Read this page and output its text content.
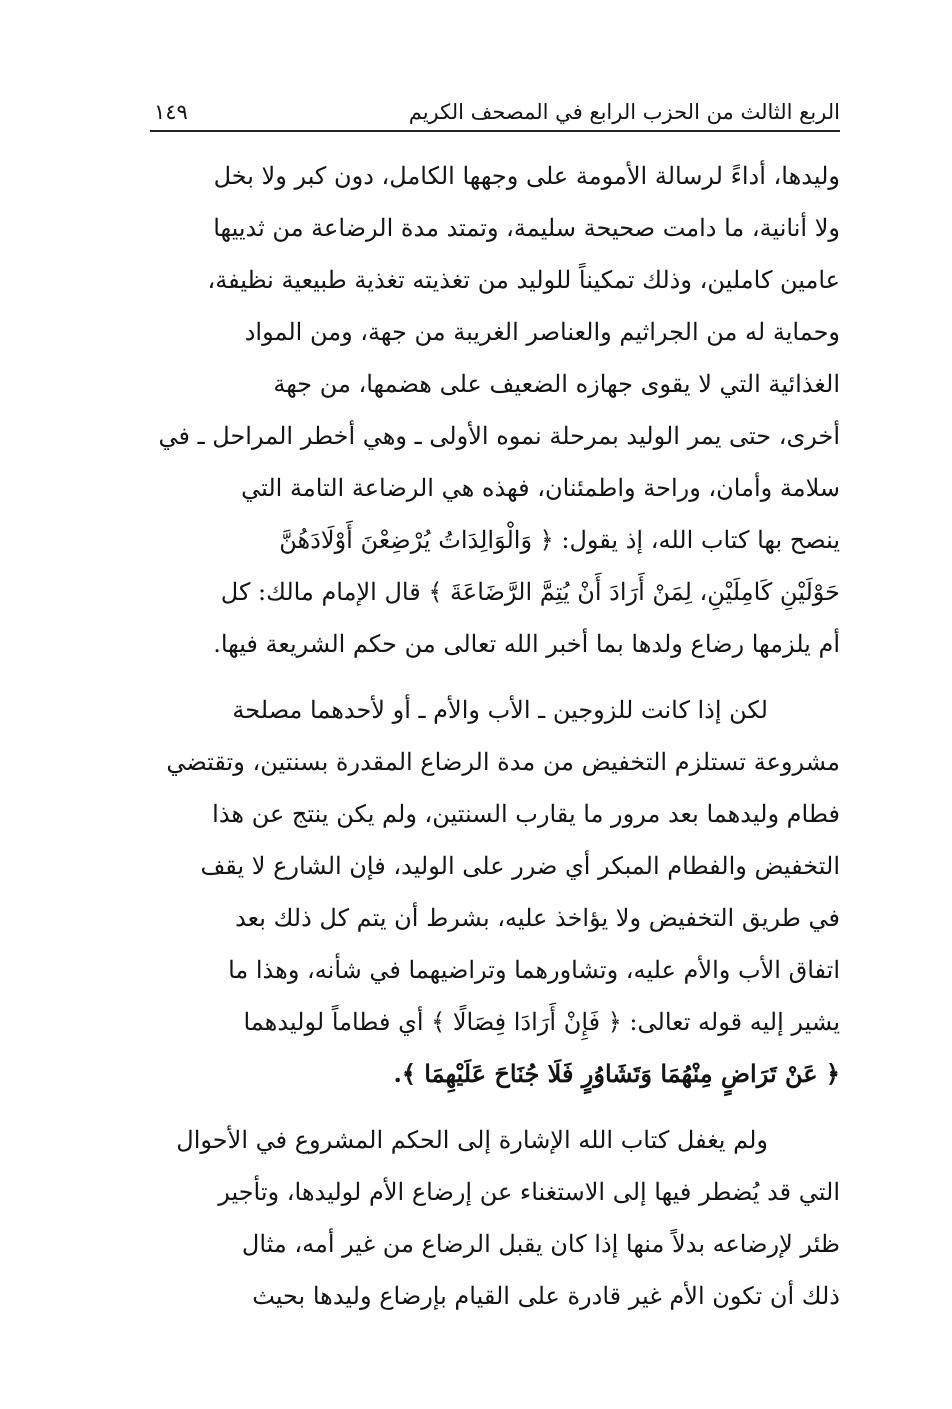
الربع الثالث من الحزب الرابع في المصحف الكريم
١٤٩

وليدها، أداءً لرسالة الأمومة على وجهها الكامل، دون كبر ولا بخل
ولا أنانية، ما دامت صحيحة سليمة، وتمتد مدة الرضاعة من ثدييها
عامين كاملين، وذلك تمكيناً للوليد من تغذيته تغذية طبيعية نظيفة،
وحماية له من الجراثيم والعناصر الغريبة من جهة، ومن المواد
الغذائية التي لا يقوى جهازه الضعيف على هضمها، من جهة
أخرى، حتى يمر الوليد بمرحلة نموه الأولى ـ وهي أخطر المراحل ـ في
سلامة وأمان، وراحة واطمئنان، فهذه هي الرضاعة التامة التي
ينصح بها كتاب الله، إذ يقول: ﴿ وَالْوَالِدَاتُ يُرْضِعْنَ أَوْلَادَهُنَّ
حَوْلَيْنِ كَامِلَيْنِ، لِمَنْ أَرَادَ أَنْ يُتِمَّ الرَّضَاعَةَ ﴾ قال الإمام مالك: كل
أم يلزمها رضاع ولدها بما أخبر الله تعالى من حكم الشريعة فيها.

لكن إذا كانت للزوجين ـ الأب والأم ـ أو لأحدهما مصلحة
مشروعة تستلزم التخفيض من مدة الرضاع المقدرة بسنتين، وتقتضي
فطام وليدهما بعد مرور ما يقارب السنتين، ولم يكن ينتج عن هذا
التخفيض والفطام المبكر أي ضرر على الوليد، فإن الشارع لا يقف
في طريق التخفيض ولا يؤاخذ عليه، بشرط أن يتم كل ذلك بعد
اتفاق الأب والأم عليه، وتشاورهما وتراضيهما في شأنه، وهذا ما
يشير إليه قوله تعالى: ﴿ فَإِنْ أَرَادَا فِصَالًا ﴾ أي فطاماً لوليدهما
﴿ عَنْ تَرَاضٍ مِنْهُمَا وَتَشَاوُرٍ فَلَا جُنَاحَ عَلَيْهِمَا ﴾.

ولم يغفل كتاب الله الإشارة إلى الحكم المشروع في الأحوال
التي قد يُضطر فيها إلى الاستغناء عن إرضاع الأم لوليدها، وتأجير
ظئر لإرضاعه بدلاً منها إذا كان يقبل الرضاع من غير أمه، مثال
ذلك أن تكون الأم غير قادرة على القيام بإرضاع وليدها بحيث
